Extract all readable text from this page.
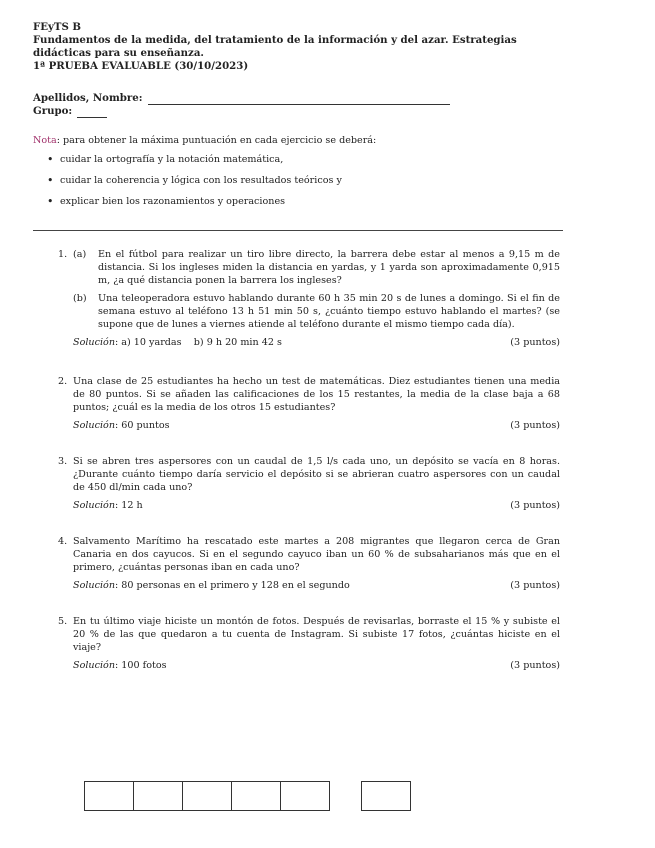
FEyTS B
Fundamentos de la medida, del tratamiento de la información y del azar. Estrategias didácticas para su enseñanza.
1ª PRUEBA EVALUABLE (30/10/2023)
Apellidos, Nombre:
Grupo:
Nota: para obtener la máxima puntuación en cada ejercicio se deberá:
• cuidar la ortografía y la notación matemática,
• cuidar la coherencia y lógica con los resultados teóricos y
• explicar bien los razonamientos y operaciones
1. (a) En el fútbol para realizar un tiro libre directo, la barrera debe estar al menos a 9,15 m de distancia. Si los ingleses miden la distancia en yardas, y 1 yarda son aproximadamente 0,915 m, ¿a qué distancia ponen la barrera los ingleses?
(b) Una teleoperadora estuvo hablando durante 60 h 35 min 20 s de lunes a domingo. Si el fin de semana estuvo al teléfono 13 h 51 min 50 s, ¿cuánto tiempo estuvo hablando el martes? (se supone que de lunes a viernes atiende al teléfono durante el mismo tiempo cada día).
Solución: a) 10 yardas    b) 9 h 20 min 42 s	(3 puntos)
2. Una clase de 25 estudiantes ha hecho un test de matemáticas. Diez estudiantes tienen una media de 80 puntos. Si se añaden las calificaciones de los 15 restantes, la media de la clase baja a 68 puntos; ¿cuál es la media de los otros 15 estudiantes?
Solución: 60 puntos	(3 puntos)
3. Si se abren tres aspersores con un caudal de 1,5 l/s cada uno, un depósito se vacía en 8 horas. ¿Durante cuánto tiempo daría servicio el depósito si se abrieran cuatro aspersores con un caudal de 450 dl/min cada uno?
Solución: 12 h	(3 puntos)
4. Salvamento Marítimo ha rescatado este martes a 208 migrantes que llegaron cerca de Gran Canaria en dos cayucos. Si en el segundo cayuco iban un 60 % de subsaharianos más que en el primero, ¿cuántas personas iban en cada uno?
Solución: 80 personas en el primero y 128 en el segundo	(3 puntos)
5. En tu último viaje hiciste un montón de fotos. Después de revisarlas, borraste el 15 % y subiste el 20 % de las que quedaron a tu cuenta de Instagram. Si subiste 17 fotos, ¿cuántas hiciste en el viaje?
Solución: 100 fotos	(3 puntos)
